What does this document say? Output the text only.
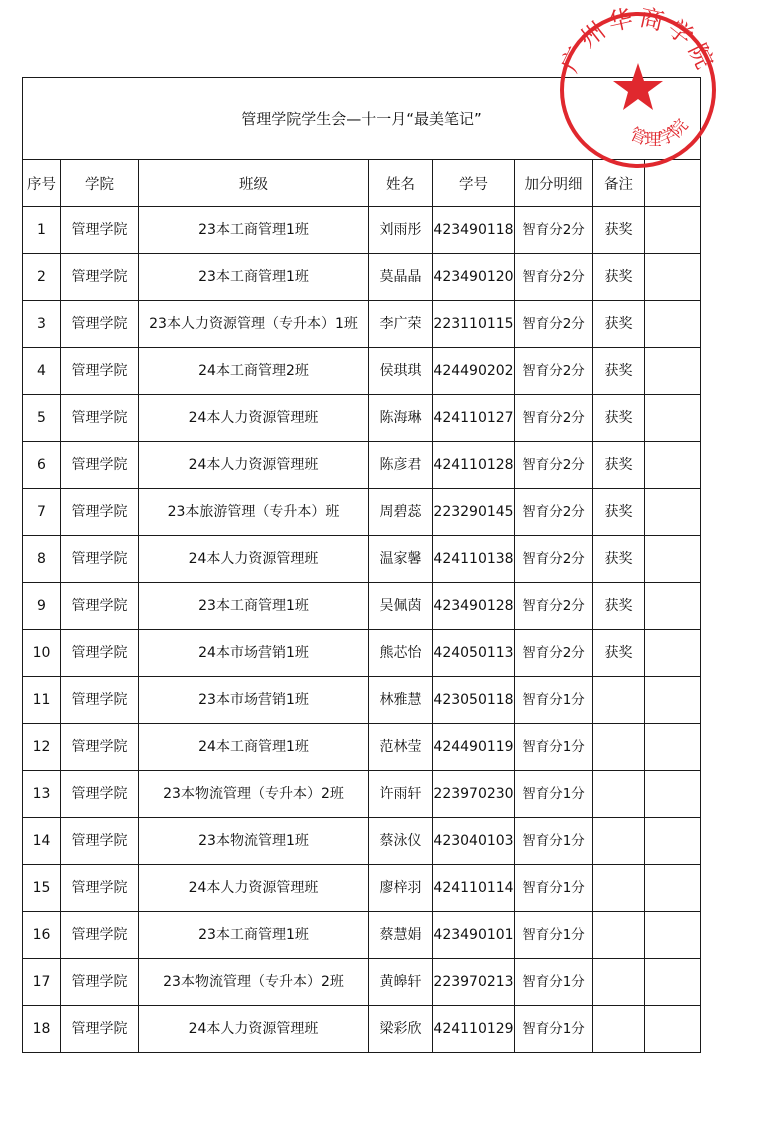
管理学院学生会—十一月“最美笔记”							
序号	学院	班级	姓名	学号	加分明细	备注	
1	管理学院	23本工商管理1班	刘雨彤	423490118	智育分2分	获奖	
2	管理学院	23本工商管理1班	莫晶晶	423490120	智育分2分	获奖	
3	管理学院	23本人力资源管理（专升本）1班	李广荣	223110115	智育分2分	获奖	
4	管理学院	24本工商管理2班	侯琪琪	424490202	智育分2分	获奖	
5	管理学院	24本人力资源管理班	陈海琳	424110127	智育分2分	获奖	
6	管理学院	24本人力资源管理班	陈彦君	424110128	智育分2分	获奖	
7	管理学院	23本旅游管理（专升本）班	周碧蕊	223290145	智育分2分	获奖	
8	管理学院	24本人力资源管理班	温家馨	424110138	智育分2分	获奖	
9	管理学院	23本工商管理1班	吴佩茵	423490128	智育分2分	获奖	
10	管理学院	24本市场营销1班	熊芯怡	424050113	智育分2分	获奖	
11	管理学院	23本市场营销1班	林雅慧	423050118	智育分1分		
12	管理学院	24本工商管理1班	范林莹	424490119	智育分1分		
13	管理学院	23本物流管理（专升本）2班	许雨轩	223970230	智育分1分		
14	管理学院	23本物流管理1班	蔡泳仪	423040103	智育分1分		
15	管理学院	24本人力资源管理班	廖梓羽	424110114	智育分1分		
16	管理学院	23本工商管理1班	蔡慧娟	423490101	智育分1分		
17	管理学院	23本物流管理（专升本）2班	黄皞轩	223970213	智育分1分		
18	管理学院	24本人力资源管理班	梁彩欣	424110129	智育分1分		
广州华商学院
管理学院
